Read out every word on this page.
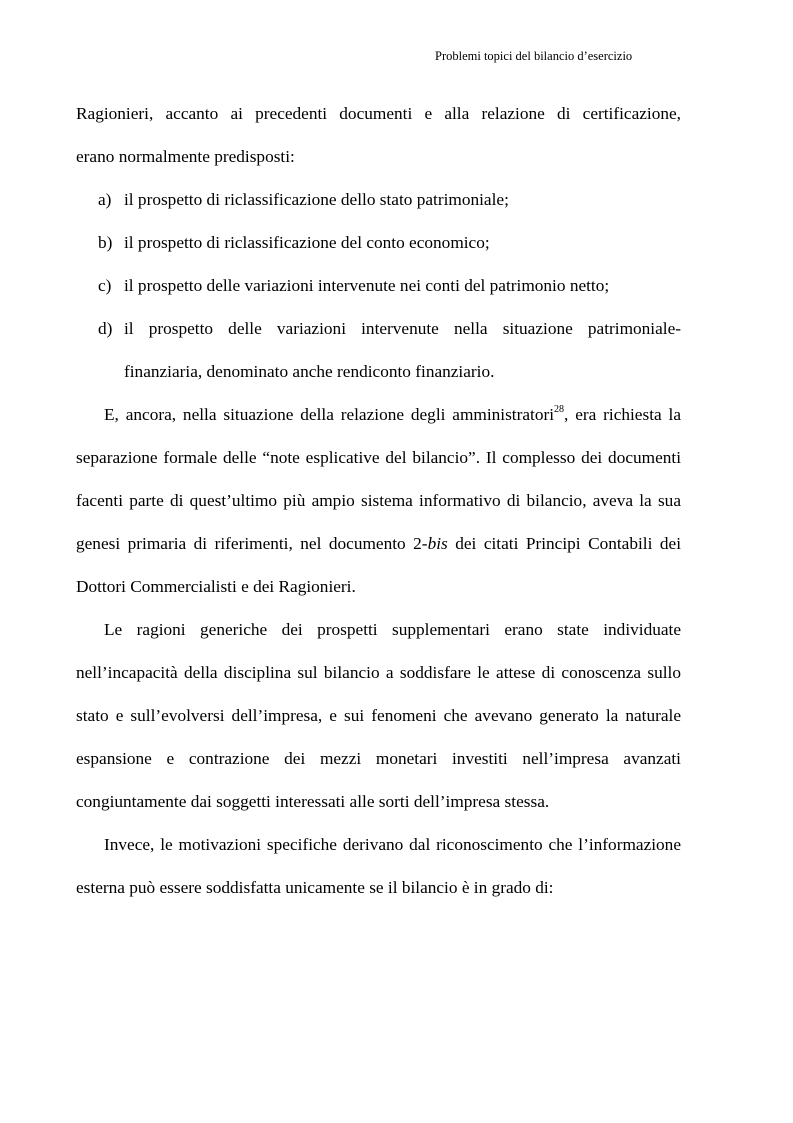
Problemi topici del bilancio d’esercizio

Ragionieri, accanto ai precedenti documenti e alla relazione di certificazione,
erano normalmente predisposti:

a) il prospetto di riclassificazione dello stato patrimoniale;
b) il prospetto di riclassificazione del conto economico;
c) il prospetto delle variazioni intervenute nei conti del patrimonio netto;
d) il prospetto delle variazioni intervenute nella situazione patrimoniale-
finanziaria, denominato anche rendiconto finanziario.

E, ancora, nella situazione della relazione degli amministratori$^{28}$, era richiesta la separazione formale delle “note esplicative del bilancio”. Il complesso dei documenti facenti parte di quest’ultimo più ampio sistema informativo di bilancio, aveva la sua genesi primaria di riferimenti, nel documento 2-bis dei citati Principi Contabili dei Dottori Commercialisti e dei Ragionieri.

Le ragioni generiche dei prospetti supplementari erano state individuate nell’incapacità della disciplina sul bilancio a soddisfare le attese di conoscenza sullo stato e sull’evolversi dell’impresa, e sui fenomeni che avevano generato la naturale espansione e contrazione dei mezzi monetari investiti nell’impresa avanzati congiuntamente dai soggetti interessati alle sorti dell’impresa stessa.

Invece, le motivazioni specifiche derivano dal riconoscimento che l’informazione esterna può essere soddisfatta unicamente se il bilancio è in grado di:
